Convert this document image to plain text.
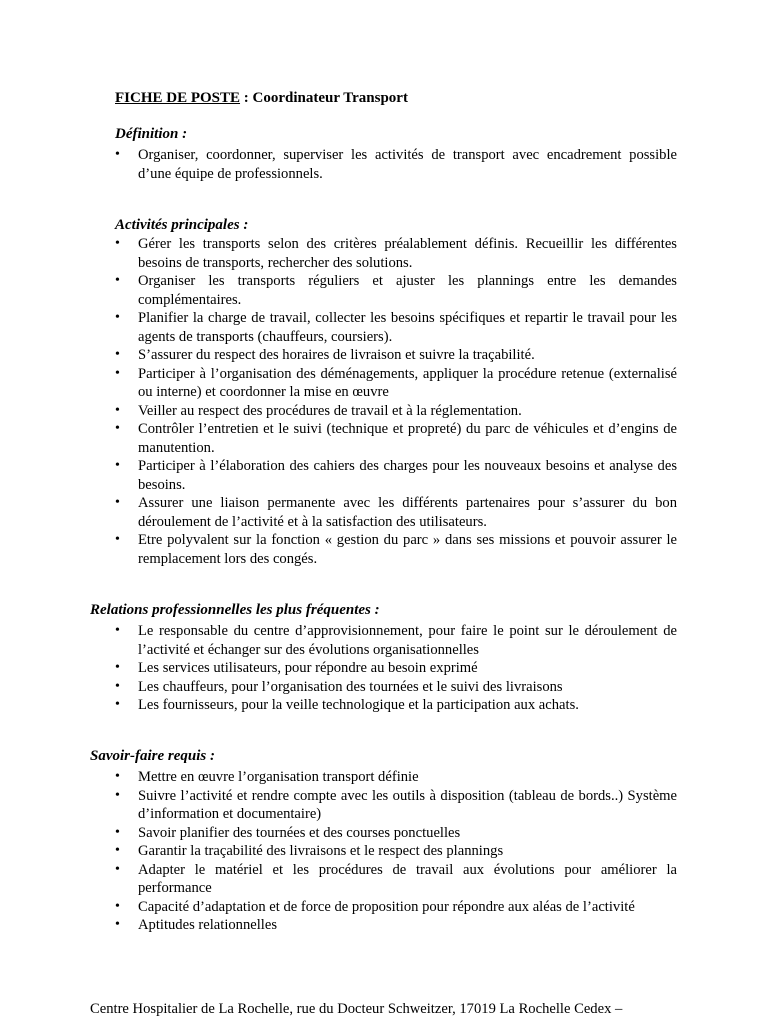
FICHE DE POSTE : Coordinateur Transport
Définition :
• Organiser, coordonner, superviser les activités de transport avec encadrement possible d’une équipe de professionnels.
Activités principales :
• Gérer les transports selon des critères préalablement définis. Recueillir les différentes besoins de transports, rechercher des solutions.
• Organiser les transports réguliers et ajuster les plannings entre les demandes complémentaires.
• Planifier la charge de travail, collecter les besoins spécifiques et repartir le travail pour les agents de transports (chauffeurs, coursiers).
• S’assurer du respect des horaires de livraison et suivre la traçabilité.
• Participer à l’organisation des déménagements, appliquer la procédure retenue (externalisé ou interne) et coordonner la mise en œuvre
• Veiller au respect des procédures de travail et à la réglementation.
• Contrôler l’entretien et le suivi (technique et propreté) du parc de véhicules et d’engins de manutention.
• Participer à l’élaboration des cahiers des charges pour les nouveaux besoins et analyse des besoins.
• Assurer une liaison permanente avec les différents partenaires pour s’assurer du bon déroulement de l’activité et à la satisfaction des utilisateurs.
• Etre polyvalent sur la fonction « gestion du parc » dans ses missions et pouvoir assurer le remplacement lors des congés.
Relations professionnelles les plus fréquentes :
• Le responsable du centre d’approvisionnement, pour faire le point sur le déroulement de l’activité et échanger sur des évolutions organisationnelles
• Les services utilisateurs, pour répondre au besoin exprimé
• Les chauffeurs, pour l’organisation des tournées et le suivi des livraisons
• Les fournisseurs, pour la veille technologique et la participation aux achats.
Savoir-faire requis :
• Mettre en œuvre l’organisation transport définie
• Suivre l’activité et rendre compte avec les outils à disposition (tableau de bords..) Système d’information et documentaire)
• Savoir planifier des tournées et des courses ponctuelles
• Garantir la traçabilité des livraisons et le respect des plannings
• Adapter le matériel et les procédures de travail aux évolutions pour améliorer la performance
• Capacité d’adaptation et de force de proposition pour répondre aux aléas de l’activité
• Aptitudes relationnelles
Centre Hospitalier de La Rochelle, rue du Docteur Schweitzer, 17019 La Rochelle Cedex –
